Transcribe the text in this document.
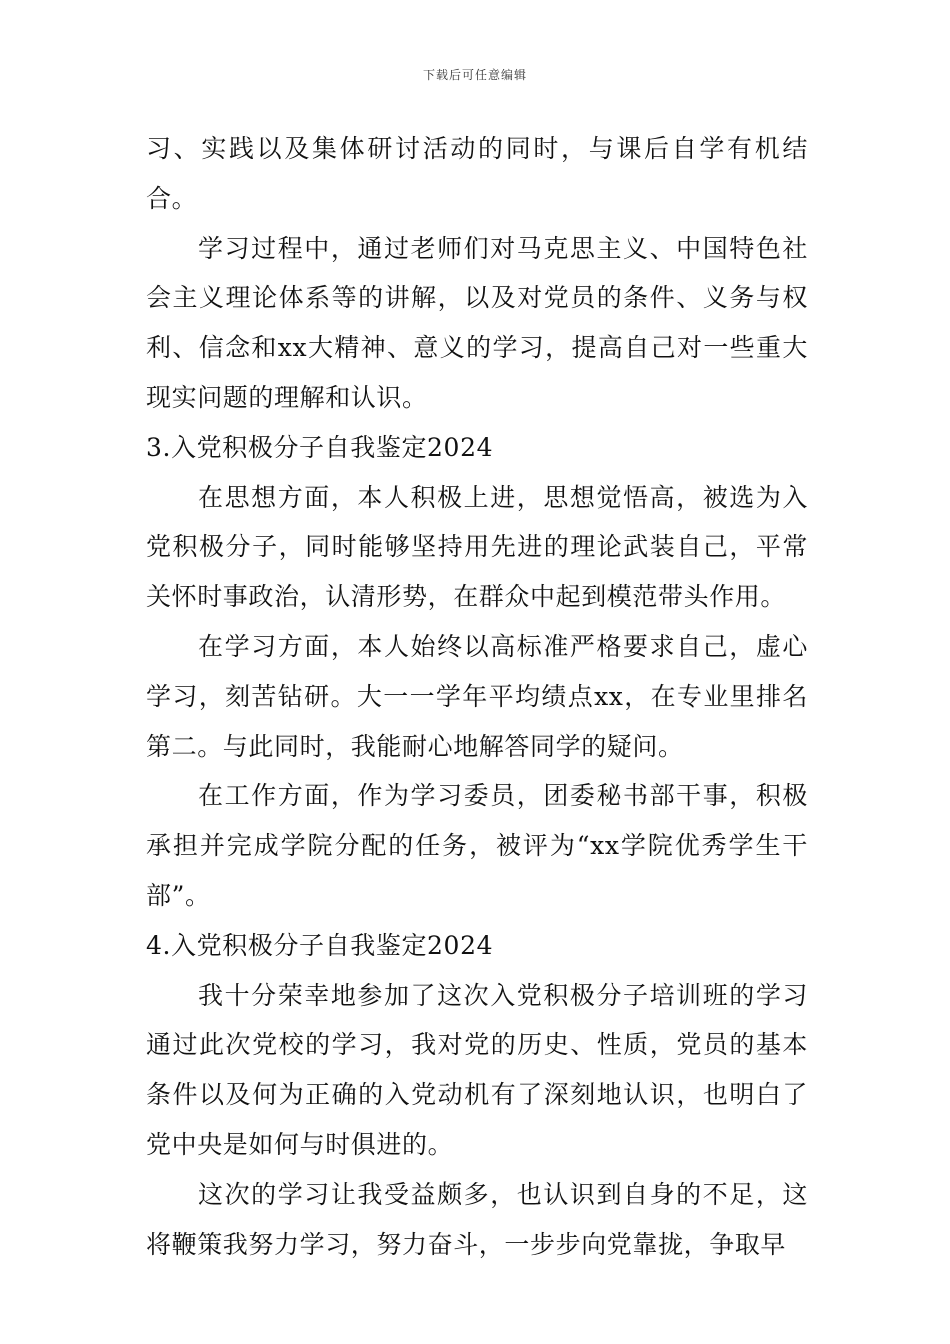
下载后可任意编辑

习、实践以及集体研讨活动的同时，与课后自学有机结合。

学习过程中，通过老师们对马克思主义、中国特色社会主义理论体系等的讲解，以及对党员的条件、义务与权利、信念和xx大精神、意义的学习，提高自己对一些重大现实问题的理解和认识。

3.入党积极分子自我鉴定2024

在思想方面，本人积极上进，思想觉悟高，被选为入党积极分子，同时能够坚持用先进的理论武装自己，平常关怀时事政治，认清形势，在群众中起到模范带头作用。

在学习方面，本人始终以高标准严格要求自己，虚心学习，刻苦钻研。大一一学年平均绩点xx，在专业里排名第二。与此同时，我能耐心地解答同学的疑问。

在工作方面，作为学习委员，团委秘书部干事，积极承担并完成学院分配的任务，被评为“xx学院优秀学生干部”。

4.入党积极分子自我鉴定2024

我十分荣幸地参加了这次入党积极分子培训班的学习通过此次党校的学习，我对党的历史、性质，党员的基本条件以及何为正确的入党动机有了深刻地认识，也明白了党中央是如何与时俱进的。

这次的学习让我受益颇多，也认识到自身的不足，这将鞭策我努力学习，努力奋斗，一步步向党靠拢，争取早
